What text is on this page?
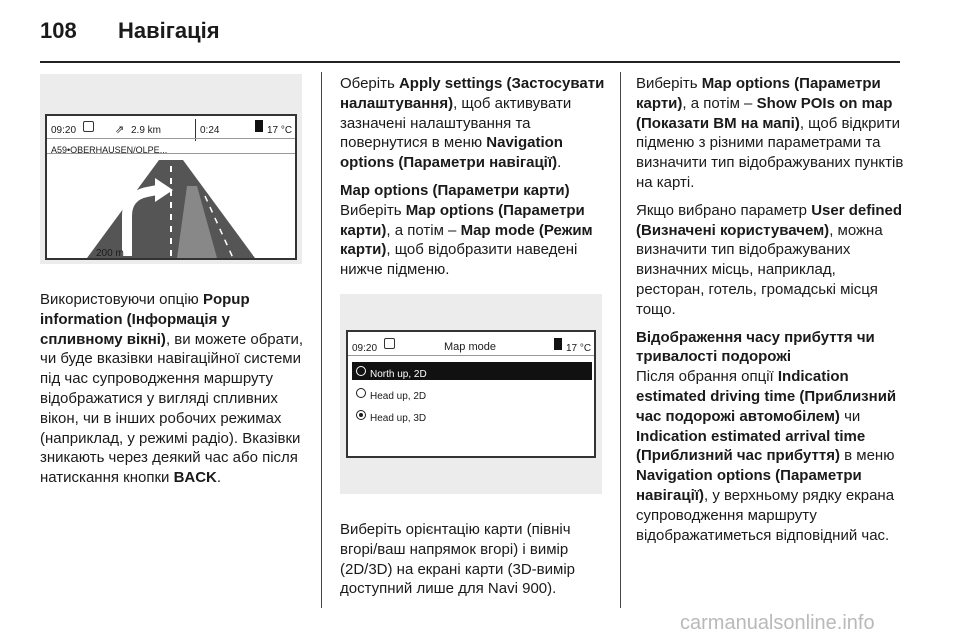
108 Навігація
09:20	⇗ 2.9 km	0:24	17 °C
A59•OBERHAUSEN/OLPE...
200 m

Використовуючи опцію Popup information (Інформація у спливному вікні), ви можете обрати, чи буде вказівки навігаційної системи під час супроводження маршруту відображатися у вигляді спливних вікон, чи в інших робочих режимах (наприклад, у режимі радіо). Вказівки зникають через деякий час або після натискання кнопки BACK.

Оберіть Apply settings (Застосувати налаштування), щоб активувати зазначені налаштування та повернутися в меню Navigation options (Параметри навігації).

Map options (Параметри карти)

Виберіть Map options (Параметри карти), а потім – Map mode (Режим карти), щоб відобразити наведені нижче підменю.

09:20	Map mode	17 °C
North up, 2D
Head up, 2D
Head up, 3D

Виберіть орієнтацію карти (північ вгорі/ваш напрямок вгорі) і вимір (2D/3D) на екрані карти (3D-вимір доступний лише для Navi 900).

Виберіть Map options (Параметри карти), а потім – Show POIs on map (Показати ВМ на мапі), щоб відкрити підменю з різними параметрами та визначити тип відображуваних пунктів на карті.

Якщо вибрано параметр User defined (Визначені користувачем), можна визначити тип відображуваних визначних місць, наприклад, ресторан, готель, громадські місця тощо.

Відображення часу прибуття чи тривалості подорожі

Після обрання опції Indication estimated driving time (Приблизний час подорожі автомобілем) чи Indication estimated arrival time (Приблизний час прибуття) в меню Navigation options (Параметри навігації), у верхньому рядку екрана супроводження маршруту відображатиметься відповідний час.

carmanualsonline.info
